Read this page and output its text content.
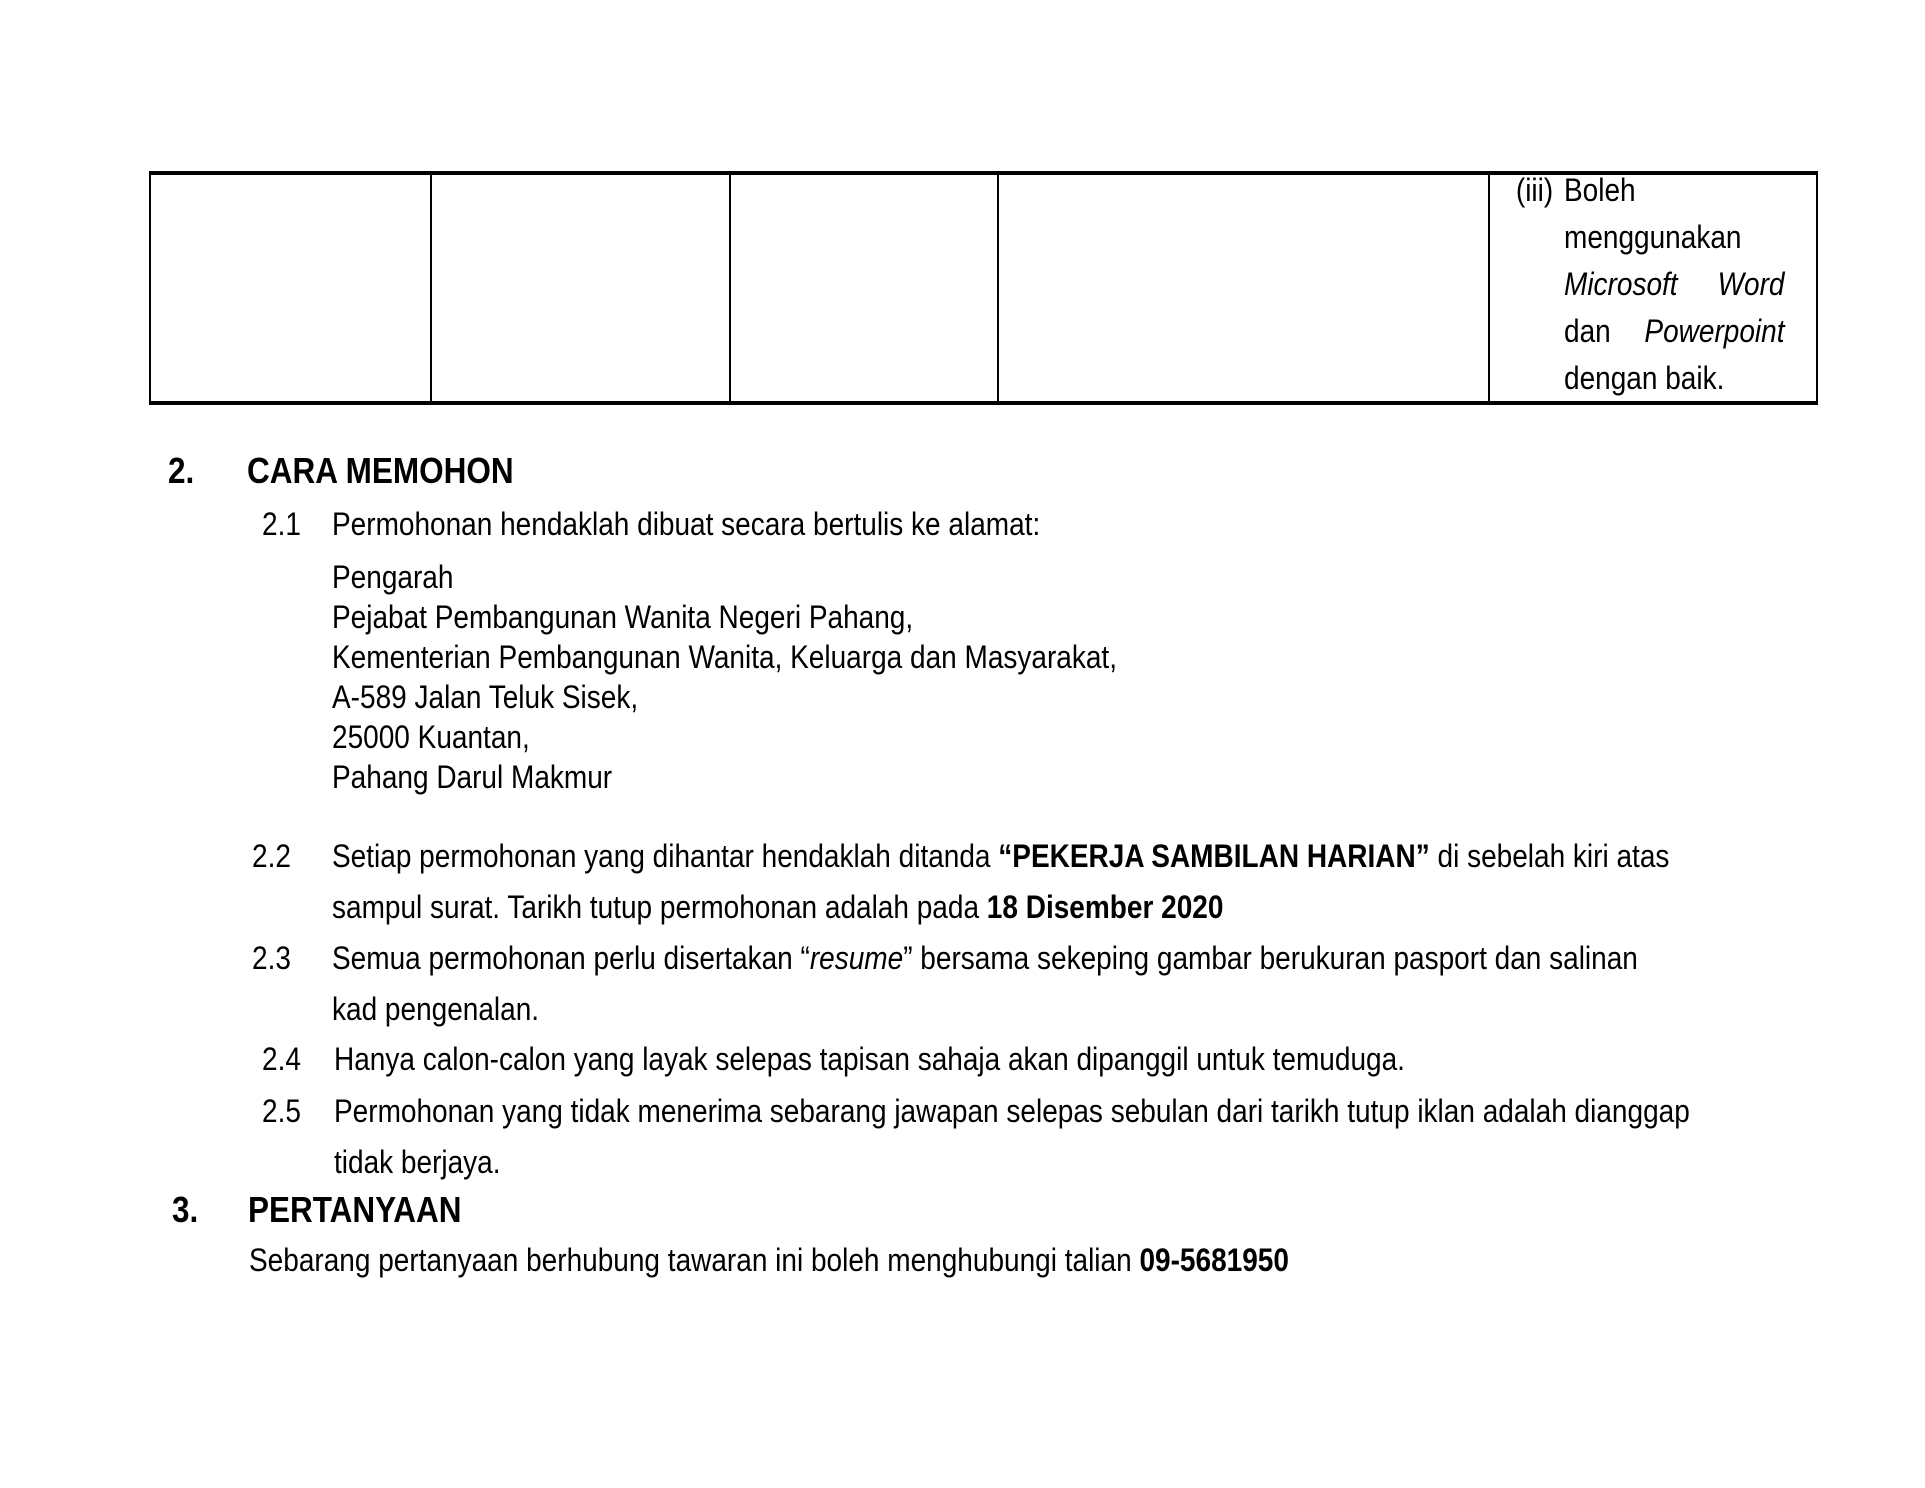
(iii) Boleh
menggunakan
Microsoft Word
dan Powerpoint
dengan baik.
2. CARA MEMOHON
2.1 Permohonan hendaklah dibuat secara bertulis ke alamat:
Pengarah
Pejabat Pembangunan Wanita Negeri Pahang,
Kementerian Pembangunan Wanita, Keluarga dan Masyarakat,
A-589 Jalan Teluk Sisek,
25000 Kuantan,
Pahang Darul Makmur
2.2 Setiap permohonan yang dihantar hendaklah ditanda “PEKERJA SAMBILAN HARIAN” di sebelah kiri atas
sampul surat. Tarikh tutup permohonan adalah pada 18 Disember 2020
2.3 Semua permohonan perlu disertakan “resume” bersama sekeping gambar berukuran pasport dan salinan
kad pengenalan.
2.4 Hanya calon-calon yang layak selepas tapisan sahaja akan dipanggil untuk temuduga.
2.5 Permohonan yang tidak menerima sebarang jawapan selepas sebulan dari tarikh tutup iklan adalah dianggap
tidak berjaya.
3. PERTANYAAN
Sebarang pertanyaan berhubung tawaran ini boleh menghubungi talian 09-5681950
